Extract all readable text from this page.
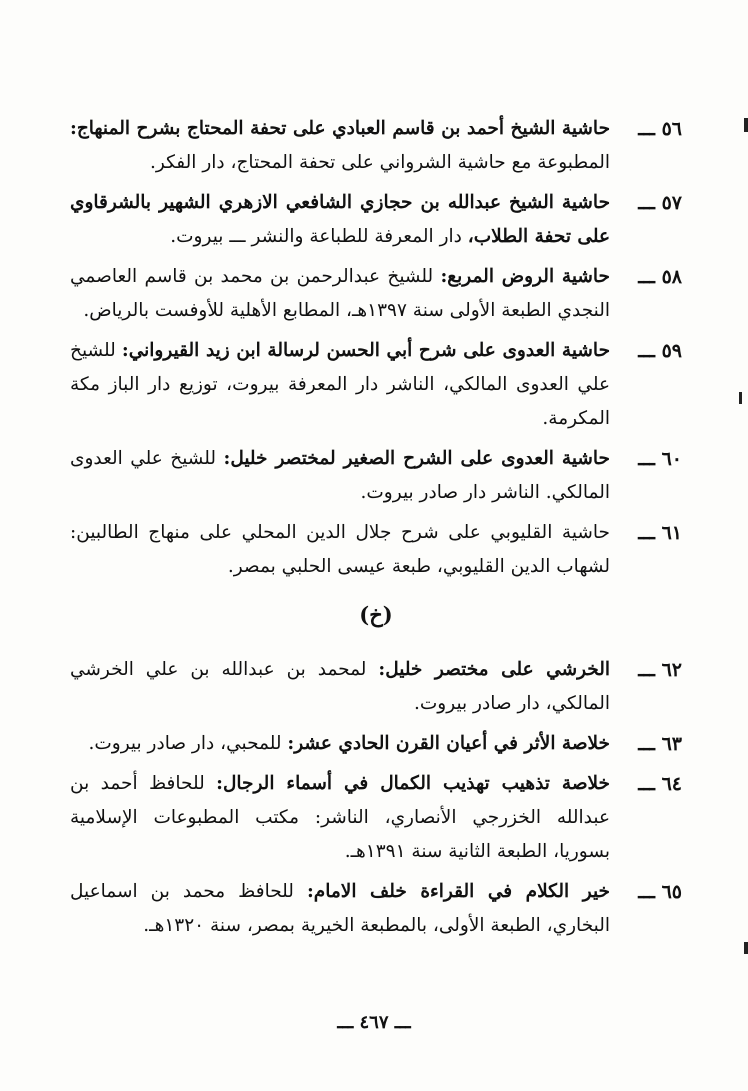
٥٦ ـــ
حاشية الشيخ أحمد بن قاسم العبادي على تحفة المحتاج بشرح المنهاج: المطبوعة مع حاشية الشرواني على تحفة المحتاج، دار الفكر.
٥٧ ـــ
حاشية الشيخ عبدالله بن حجازي الشافعي الازهري الشهير بالشرقاوي على تحفة الطلاب، دار المعرفة للطباعة والنشر ـــ بيروت.
٥٨ ـــ
حاشية الروض المربع: للشيخ عبدالرحمن بن محمد بن قاسم العاصمي النجدي الطبعة الأولى سنة ١٣٩٧هـ، المطابع الأهلية للأوفست بالرياض.
٥٩ ـــ
حاشية العدوى على شرح أبي الحسن لرسالة ابن زيد القيرواني: للشيخ علي العدوى المالكي، الناشر دار المعرفة بيروت، توزيع دار الباز مكة المكرمة.
٦٠ ـــ
حاشية العدوى على الشرح الصغير لمختصر خليل: للشيخ علي العدوى المالكي. الناشر دار صادر بيروت.
٦١ ـــ
حاشية القليوبي على شرح جلال الدين المحلي على منهاج الطالبين: لشهاب الدين القليوبي، طبعة عيسى الحلبي بمصر.
(خ)
٦٢ ـــ
الخرشي على مختصر خليل: لمحمد بن عبدالله بن علي الخرشي المالكي، دار صادر بيروت.
٦٣ ـــ
خلاصة الأثر في أعيان القرن الحادي عشر: للمحبي، دار صادر بيروت.
٦٤ ـــ
خلاصة تذهيب تهذيب الكمال في أسماء الرجال: للحافظ أحمد بن عبدالله الخزرجي الأنصاري، الناشر: مكتب المطبوعات الإسلامية بسوريا، الطبعة الثانية سنة ١٣٩١هـ.
٦٥ ـــ
خير الكلام في القراءة خلف الامام: للحافظ محمد بن اسماعيل البخاري، الطبعة الأولى، بالمطبعة الخيرية بمصر، سنة ١٣٢٠هـ.
ـــ ٤٦٧ ـــ
